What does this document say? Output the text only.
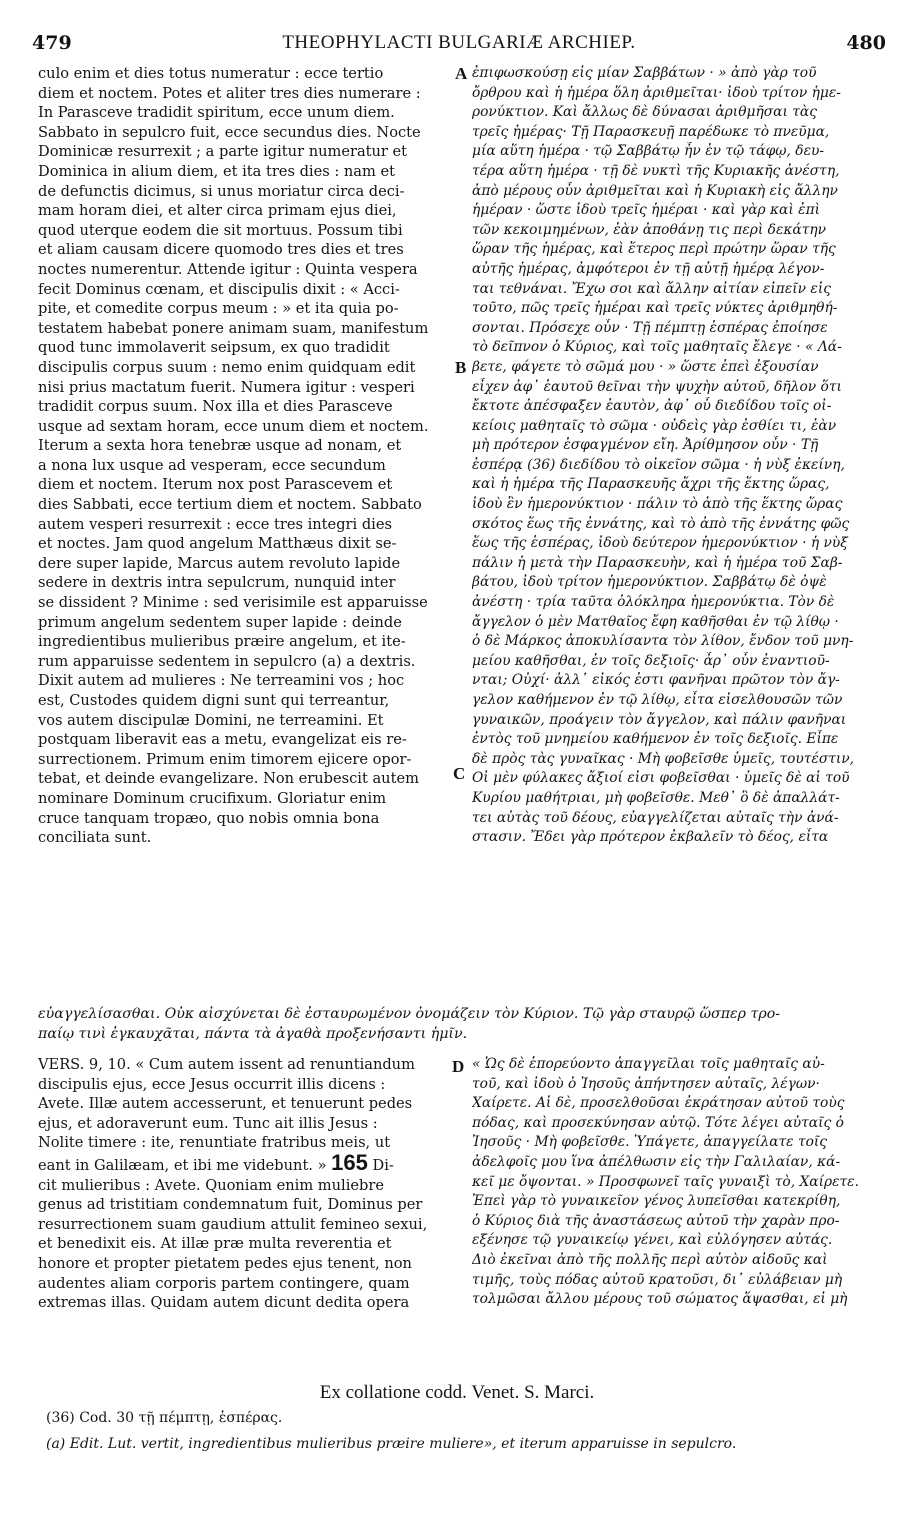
479	THEOPHYLACTI BULGARIÆ ARCHIEP.	480

culo enim et dies totus numeratur : ecce tertio

diem et noctem. Potes et aliter tres dies numerare :

In Parasceve tradidit spiritum, ecce unum diem.

Sabbato in sepulcro fuit, ecce secundus dies. Nocte

Dominicæ resurrexit ; a parte igitur numeratur et

Dominica in alium diem, et ita tres dies : nam et

de defunctis dicimus, si unus moriatur circa deci-

mam horam diei, et alter circa primam ejus diei,

quod uterque eodem die sit mortuus. Possum tibi

et aliam causam dicere quomodo tres dies et tres

noctes numerentur. Attende igitur : Quinta vespera

fecit Dominus cœnam, et discipulis dixit : « Acci-

pite, et comedite corpus meum : » et ita quia po-

testatem habebat ponere animam suam, manifestum

quod tunc immolaverit seipsum, ex quo tradidit

discipulis corpus suum : nemo enim quidquam edit

nisi prius mactatum fuerit. Numera igitur : vesperi

tradidit corpus suum. Nox illa et dies Parasceve

usque ad sextam horam, ecce unum diem et noctem.

Iterum a sexta hora tenebræ usque ad nonam, et

a nona lux usque ad vesperam, ecce secundum

diem et noctem. Iterum nox post Parascevem et

dies Sabbati, ecce tertium diem et noctem. Sabbato

autem vesperi resurrexit : ecce tres integri dies

et noctes. Jam quod angelum Matthæus dixit se-

dere super lapide, Marcus autem revoluto lapide

sedere in dextris intra sepulcrum, nunquid inter

se dissident ? Minime : sed verisimile est apparuisse

primum angelum sedentem super lapide : deinde

ingredientibus mulieribus præire angelum, et ite-

rum apparuisse sedentem in sepulcro (a) a dextris.

Dixit autem ad mulieres : Ne terreamini vos ; hoc

est, Custodes quidem digni sunt qui terreantur,

vos autem discipulæ Domini, ne terreamini. Et

postquam liberavit eas a metu, evangelizat eis re-

surrectionem. Primum enim timorem ejicere opor-

tebat, et deinde evangelizare. Non erubescit autem

nominare Dominum crucifixum. Gloriatur enim

cruce tanquam tropæo, quo nobis omnia bona

conciliata sunt.

ἐπιφωσκούσῃ εἰς μίαν Σαββάτων · » ἀπὸ γὰρ τοῦ

ὄρθρου καὶ ἡ ἡμέρα ὅλη ἀριθμεῖται· ἰδοὺ τρίτον ἡμε-

ρονύκτιον. Καὶ ἄλλως δὲ δύνασαι ἀριθμῆσαι τὰς

τρεῖς ἡμέρας· Τῇ Παρασκευῇ παρέδωκε τὸ πνεῦμα,

μία αὕτη ἡμέρα · τῷ Σαββάτῳ ἦν ἐν τῷ τάφῳ, δευ-

τέρα αὕτη ἡμέρα · τῇ δὲ νυκτὶ τῆς Κυριακῆς ἀνέστη,

ἀπὸ μέρους οὖν ἀριθμεῖται καὶ ἡ Κυριακὴ εἰς ἄλλην

ἡμέραν · ὥστε ἰδοὺ τρεῖς ἡμέραι · καὶ γὰρ καὶ ἐπὶ

τῶν κεκοιμημένων, ἐὰν ἀποθάνῃ τις περὶ δεκάτην

ὥραν τῆς ἡμέρας, καὶ ἕτερος περὶ πρώτην ὥραν τῆς

αὐτῆς ἡμέρας, ἀμφότεροι ἐν τῇ αὐτῇ ἡμέρᾳ λέγον-

ται τεθνάναι. Ἔχω σοι καὶ ἄλλην αἰτίαν εἰπεῖν εἰς

τοῦτο, πῶς τρεῖς ἡμέραι καὶ τρεῖς νύκτες ἀριθμηθή-

σονται. Πρόσεχε οὖν · Τῇ πέμπτῃ ἑσπέρας ἐποίησε

τὸ δεῖπνον ὁ Κύριος, καὶ τοῖς μαθηταῖς ἔλεγε · « Λά-

βετε, φάγετε τὸ σῶμά μου · » ὥστε ἐπεὶ ἐξουσίαν

εἶχεν ἀφ᾽ ἑαυτοῦ θεῖναι τὴν ψυχὴν αὐτοῦ, δῆλον ὅτι

ἔκτοτε ἀπέσφαξεν ἑαυτὸν, ἀφ᾽ οὗ διεδίδου τοῖς οἰ-

κείοις μαθηταῖς τὸ σῶμα · οὐδεὶς γὰρ ἐσθίει τι, ἐὰν

μὴ πρότερον ἐσφαγμένον εἴη. Ἀρίθμησον οὖν · Τῇ

ἑσπέρᾳ (36) διεδίδου τὸ οἰκεῖον σῶμα · ἡ νὺξ ἐκείνη,

καὶ ἡ ἡμέρα τῆς Παρασκευῆς ἄχρι τῆς ἕκτης ὥρας,

ἰδοὺ ἓν ἡμερονύκτιον · πάλιν τὸ ἀπὸ τῆς ἕκτης ὥρας

σκότος ἕως τῆς ἐννάτης, καὶ τὸ ἀπὸ τῆς ἐννάτης φῶς

ἕως τῆς ἑσπέρας, ἰδοὺ δεύτερον ἡμερονύκτιον · ἡ νὺξ

πάλιν ἡ μετὰ τὴν Παρασκευὴν, καὶ ἡ ἡμέρα τοῦ Σαβ-

βάτου, ἰδοὺ τρίτον ἡμερονύκτιον. Σαββάτῳ δὲ ὀψὲ

ἀνέστη · τρία ταῦτα ὁλόκληρα ἡμερονύκτια. Τὸν δὲ

ἄγγελον ὁ μὲν Ματθαῖος ἔφη καθῆσθαι ἐν τῷ λίθῳ ·

ὁ δὲ Μάρκος ἀποκυλίσαντα τὸν λίθον, ἔνδον τοῦ μνη-

μείου καθῆσθαι, ἐν τοῖς δεξιοῖς· ἆρ᾽ οὖν ἐναντιοῦ-

νται; Οὐχί· ἀλλ᾽ εἰκός ἐστι φανῆναι πρῶτον τὸν ἄγ-

γελον καθήμενον ἐν τῷ λίθῳ, εἶτα εἰσελθουσῶν τῶν

γυναικῶν, προάγειν τὸν ἄγγελον, καὶ πάλιν φανῆναι

ἐντὸς τοῦ μνημείου καθήμενον ἐν τοῖς δεξιοῖς. Εἶπε

δὲ πρὸς τὰς γυναῖκας · Μὴ φοβεῖσθε ὑμεῖς, τουτέστιν,

Οἱ μὲν φύλακες ἄξιοί εἰσι φοβεῖσθαι · ὑμεῖς δὲ αἱ τοῦ

Κυρίου μαθήτριαι, μὴ φοβεῖσθε. Μεθ᾽ ὃ δὲ ἀπαλλάτ-

τει αὐτὰς τοῦ δέους, εὐαγγελίζεται αὐταῖς τὴν ἀνά-

στασιν. Ἔδει γὰρ πρότερον ἐκβαλεῖν τὸ δέος, εἶτα

A
B
C
D

εὐαγγελίσασθαι. Οὐκ αἰσχύνεται δὲ ἐσταυρωμένον ὀνομάζειν τὸν Κύριον. Τῷ γὰρ σταυρῷ ὥσπερ τρο-

παίῳ τινὶ ἐγκαυχᾶται, πάντα τὰ ἀγαθὰ προξενήσαντι ἡμῖν.

VERS. 9, 10. « Cum autem issent ad renuntiandum

discipulis ejus, ecce Jesus occurrit illis dicens :

Avete. Illæ autem accesserunt, et tenuerunt pedes

ejus, et adoraverunt eum. Tunc ait illis Jesus :

Nolite timere : ite, renuntiate fratribus meis, ut

eant in Galilæam, et ibi me videbunt. » 165 Di-

cit mulieribus : Avete. Quoniam enim muliebre

genus ad tristitiam condemnatum fuit, Dominus per

resurrectionem suam gaudium attulit femineo sexui,

et benedixit eis. At illæ præ multa reverentia et

honore et propter pietatem pedes ejus tenent, non

audentes aliam corporis partem contingere, quam

extremas illas. Quidam autem dicunt dedita opera

« Ὡς δὲ ἐπορεύοντο ἀπαγγεῖλαι τοῖς μαθηταῖς αὐ-

τοῦ, καὶ ἰδοὺ ὁ Ἰησοῦς ἀπήντησεν αὐταῖς, λέγων·

Χαίρετε. Αἱ δὲ, προσελθοῦσαι ἐκράτησαν αὐτοῦ τοὺς

πόδας, καὶ προσεκύνησαν αὐτῷ. Τότε λέγει αὐταῖς ὁ

Ἰησοῦς · Μὴ φοβεῖσθε. Ὑπάγετε, ἀπαγγείλατε τοῖς

ἀδελφοῖς μου ἵνα ἀπέλθωσιν εἰς τὴν Γαλιλαίαν, κά-

κεῖ με ὄψονται. » Προσφωνεῖ ταῖς γυναιξὶ τὸ, Χαίρετε.

Ἐπεὶ γὰρ τὸ γυναικεῖον γένος λυπεῖσθαι κατεκρίθη,

ὁ Κύριος διὰ τῆς ἀναστάσεως αὐτοῦ τὴν χαρὰν προ-

εξένησε τῷ γυναικείῳ γένει, καὶ εὐλόγησεν αὐτάς.

Διὸ ἐκεῖναι ἀπὸ τῆς πολλῆς περὶ αὐτὸν αἰδοῦς καὶ

τιμῆς, τοὺς πόδας αὐτοῦ κρατοῦσι, δι᾽ εὐλάβειαν μὴ

τολμῶσαι ἄλλου μέρους τοῦ σώματος ἅψασθαι, εἰ μὴ

Ex collatione codd. Venet. S. Marci.
(36) Cod. 30 τῇ πέμπτῃ, ἑσπέρας.
(a) Edit. Lut. vertit, ingredientibus mulieribus præire muliere», et iterum apparuisse in sepulcro.
